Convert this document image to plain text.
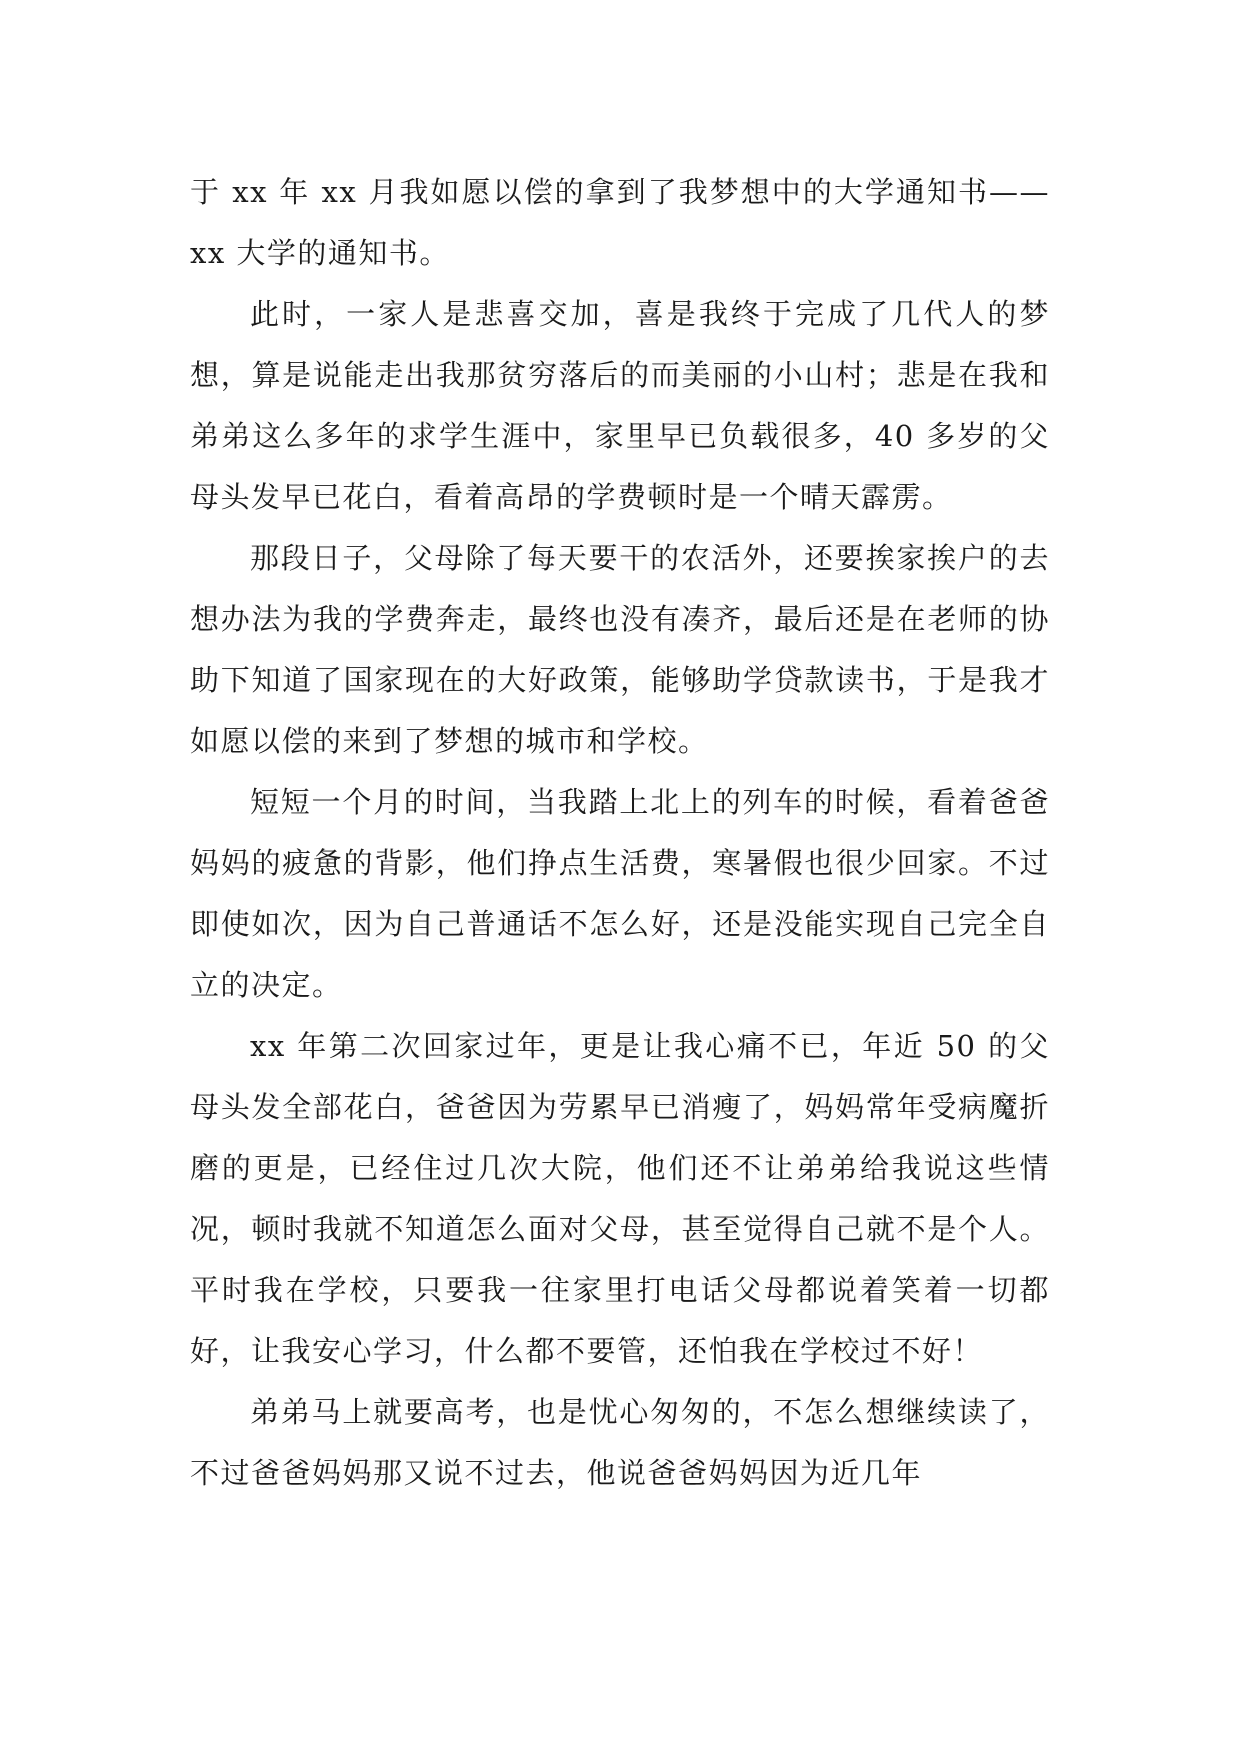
于 xx 年 xx 月我如愿以偿的拿到了我梦想中的大学通知书——xx 大学的通知书。

此时，一家人是悲喜交加，喜是我终于完成了几代人的梦想，算是说能走出我那贫穷落后的而美丽的小山村；悲是在我和弟弟这么多年的求学生涯中，家里早已负载很多，40 多岁的父母头发早已花白，看着高昂的学费顿时是一个晴天霹雳。

那段日子，父母除了每天要干的农活外，还要挨家挨户的去想办法为我的学费奔走，最终也没有凑齐，最后还是在老师的协助下知道了国家现在的大好政策，能够助学贷款读书，于是我才如愿以偿的来到了梦想的城市和学校。

短短一个月的时间，当我踏上北上的列车的时候，看着爸爸妈妈的疲惫的背影，他们挣点生活费，寒暑假也很少回家。不过即使如次，因为自己普通话不怎么好，还是没能实现自己完全自立的决定。

xx 年第二次回家过年，更是让我心痛不已，年近 50 的父母头发全部花白，爸爸因为劳累早已消瘦了，妈妈常年受病魔折磨的更是，已经住过几次大院，他们还不让弟弟给我说这些情况，顿时我就不知道怎么面对父母，甚至觉得自己就不是个人。平时我在学校，只要我一往家里打电话父母都说着笑着一切都好，让我安心学习，什么都不要管，还怕我在学校过不好！

弟弟马上就要高考，也是忧心匆匆的，不怎么想继续读了，不过爸爸妈妈那又说不过去，他说爸爸妈妈因为近几年
